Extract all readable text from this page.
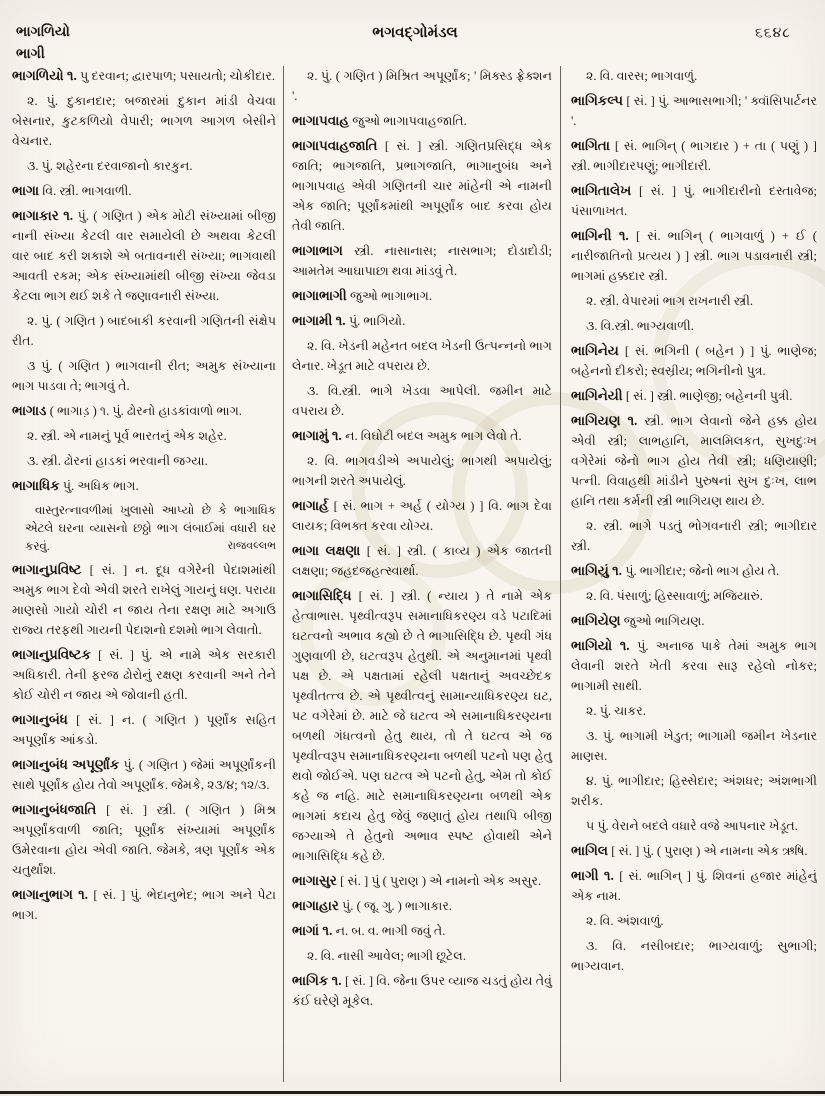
ભાગળિયો
ભાગી
ભગવદ્ગોમંડલ	૬૬૪૮

ભાગળિયો ૧. પુ દરવાન; દ્વારપાળ; પસાયતો; ચોકીદાર.

૨. પું. દુકાનદાર; બજારમાં દુકાન માંડી વેચવા બેસનાર, કુટકળિયો વેપારી; ભાગળ આગળ બેસીને વેચનાર.

૩. પું. શહેરના દરવાજાનો કારકુન.

ભાગા વિ. સ્ત્રી. ભાગવાળી.

ભાગાકાર ૧. પું. ( ગણિત ) એક મોટી સંખ્યામાં બીજી નાની સંખ્યા કેટલી વાર સમાયેલી છે અથવા કેટલી વાર બાદ કરી શકાશે એ બતાવનારી સંખ્યા; ભાગવાથી આવતી રકમ; એક સંખ્યામાંથી બીજી સંખ્યા જેવડા કેટલા ભાગ થઈ શકે તે જણાવનારી સંખ્યા.

૨. પું. ( ગણિત ) બાદબાકી કરવાની ગણિતની સંક્ષેપ રીત.

૩ પું. ( ગણિત ) ભાગવાની રીત; અમુક સંખ્યાના ભાગ પાડવા તે; ભાગવું તે.

ભાગાડ ( ભાગાડ઼ ) ૧. પું. ઢોરનો હાડકાંવાળો ભાગ.

૨. સ્ત્રી. એ નામનું પૂર્વ ભારતનું એક શહેર.

૩. સ્ત્રી. ઢોરનાં હાડકાં ભરવાની જગ્યા.

ભાગાધિક પું. અધિક ભાગ.

વાસ્તુરત્નાવળીમાં ખુલાસો આપ્યો છે કે ભાગાધિક એટલે ઘરના વ્યાસનો છઠ્ઠો ભાગ લંબાઈમાં વધારી ઘર કરવું.	રાજવલ્લભ

ભાગાનુપ્રવિષ્ટ [ સં. ] ન. દૂધ વગેરેની પેદાશમાંથી અમુક ભાગ દેવો એવી શરતે રાખેલું ગાયનું ધણ. પરાયા માણસો ગાયો ચોરી ન જાય તેના રક્ષણ માટે અગાઉ રાજ્ય તરફથી ગાયની પેદાશનો દશમો ભાગ લેવાતો.

ભાગાનુપ્રવિષ્ટક [ સં. ] પું. એ નામે એક સરકારી અધિકારી. તેની ફરજ ઢોરોનું રક્ષણ કરવાની અને તેને કોઈ ચોરી ન જાય એ જોવાની હતી.

ભાગાનુબંધ [ સં. ] ન. ( ગણિત ) પૂર્ણાંક સહિત અપૂર્ણાંક આંકડો.

ભાગાનુબંધ અપૂર્ણાંક પું. ( ગણિત ) જેમાં અપૂર્ણાંકની સાથે પૂર્ણાંક હોય તેવો અપૂર્ણાંક. જેમકે, ૨૩/૪; ૧૨/૩.

ભાગાનુબંધજાતિ [ સં. ] સ્ત્રી. ( ગણિત ) મિશ્ર અપૂર્ણાંકવાળી જાતિ; પૂર્ણાંક સંખ્યામાં અપૂર્ણાંક ઉમેરવાના હોય એવી જાતિ. જેમકે, ત્રણ પૂર્ણાંક એક ચતુર્થાંશ.

ભાગાનુભાગ ૧. [ સં. ] પું. ભેદાનુભેદ; ભાગ અને પેટા ભાગ.

૨. પું. ( ગણિત ) મિશ્રિત અપૂર્ણાંક; ' મિક્સ્ડ ફ્રેક્શન '.

ભાગાપવાહ જુઓ ભાગાપવાહજાતિ.

ભાગાપવાહજાતિ [ સં. ] સ્ત્રી. ગણિતપ્રસિદ્ધ એક જાતિ; ભાગજાતિ, પ્રભાગજાતિ, ભાગાનુબંધ અને ભાગાપવાહ એવી ગણિતની ચાર માંહેની એ નામની એક જાતિ; પૂર્ણાંકમાંથી અપૂર્ણાંક બાદ કરવા હોય તેવી જાતિ.

ભાગાભાગ સ્ત્રી. નાસાનાસ; નાસભાગ; દોડાદોડી; આમતેમ આઘાપાછા થવા માંડવું તે.

ભાગાભાગી જુઓ ભાગાભાગ.

ભાગામી ૧. પું. ભાગિયો.

૨. વિ. ખેડની મહેનત બદલ ખેડની ઉત્પન્નનો ભાગ લેનાર. ખેડૂત માટે વપરાય છે.

૩. વિ.સ્ત્રી. ભાગે ખેડવા આપેલી. જમીન માટે વપરાય છે.

ભાગામું ૧. ન. વિઘોટી બદલ અમુક ભાગ લેવો તે.

૨. વિ. ભાગવડીએ અપાયેલું; ભાગથી અપાયેલું; ભાગની શરતે અપાયેલું.

ભાગાર્હ [ સં. ભાગ + અર્હ ( યોગ્ય ) ] વિ. ભાગ દેવા લાયક; વિભક્ત કરવા યોગ્ય.

ભાગા લક્ષણા [ સં. ] સ્ત્રી. ( કાવ્ય ) એક જાતની લક્ષણા; જહદજહત્સ્વાર્થા.

ભાગાસિદ્ધિ [ સં. ] સ્ત્રી. ( ન્યાય ) તે નામે એક હેત્વાભાસ. પૃથ્વીત્વરૂપ સમાનાધિકરણ્ય વડે પટાદિમાં ઘટત્વનો અભાવ કહ્યો છે તે ભાગાસિદ્ધિ છે. પૃથ્વી ગંધ ગુણવાળી છે, ઘટત્વરૂપ હેતુથી. એ અનુમાનમાં પૃથ્વી પક્ષ છે. એ પક્ષતામાં રહેલી પક્ષતાનું અવચ્છેદક પૃથ્વીતત્ત્વ છે. એ પૃથ્વીત્વનું સામાન્યાધિકરણ્ય ઘટ, પટ વગેરેમાં છે. માટે જે ઘટત્વ એ સમાનાધિકરણ્યના બળથી ગંધત્વનો હેતુ થાય, તો તે ઘટત્વ એ જ પૃથ્વીત્વરૂપ સમાનાધિકરણ્યના બળથી પટનો પણ હેતુ થવો જોઈએ. પણ ઘટત્વ એ પટનો હેતુ, એમ તો કોઈ કહે જ નહિ. માટે સમાનાધિકરણ્યના બળથી એક ભાગમાં કદાચ હેતુ જેવું જણાતું હોય તથાપિ બીજી જગ્યાએ તે હેતુનો અભાવ સ્પષ્ટ હોવાથી એને ભાગાસિદ્ધિ કહે છે.

ભાગાસુર [ સં. ] પું ( પુરાણ ) એ નામનો એક અસુર.

ભાગાહાર પું. ( જૂ. ગુ. ) ભાગાકાર.

ભાગાં ૧. ન. બ. વ. ભાગી જવું તે.

૨. વિ. નાસી આવેલ; ભાગી છૂટેલ.

ભાગિક ૧. [ સં. ] વિ. જેના ઉપર વ્યાજ ચડતું હોય તેવું કંઈ ઘરેણે મૂકેલ.

૨. વિ. વારસ; ભાગવાળું.

ભાગિકલ્પ [ સં. ] પું. આભાસભાગી; ' ક્વૉસિપાર્ટનર '.

ભાગિતા [ સં. ભાગિન્ ( ભાગદાર ) + તા ( પણું ) ] સ્ત્રી. ભાગીદારપણું; ભાગીદારી.

ભાગિતાલેખ [ સં. ] પું. ભાગીદારીનો દસ્તાવેજ; પંસાળાખત.

ભાગિની ૧. [ સં. ભાગિન્ ( ભાગવાળું ) + ઈ ( નારીજાતિનો પ્રત્યય ) ] સ્ત્રી. ભાગ પડાવનારી સ્ત્રી; ભાગમાં હક્કદાર સ્ત્રી.

૨. સ્ત્રી. વેપારમાં ભાગ રાખનારી સ્ત્રી.

૩. વિ.સ્ત્રી. ભાગ્યવાળી.

ભાગિનેય [ સં. ભગિની ( બહેન ) ] પું. ભાણેજ; બહેનનો દીકરો; સ્વસ્રીય; ભગિનીનો પુત્ર.

ભાગિનેયી [ સં. ] સ્ત્રી. ભાણેજી; બહેનની પુત્રી.

ભાગિયણ ૧. સ્ત્રી. ભાગ લેવાનો જેને હક્ક હોય એવી સ્ત્રી; લાભહાનિ, માલમિલકત, સુખદુઃખ વગેરેમાં જેનો ભાગ હોય તેવી સ્ત્રી; ધણિયાણી; પત્ની. વિવાહથી માંડીને પુરુષનાં સુખ દુઃખ, લાભ હાનિ તથા કર્મની સ્ત્રી ભાગિયણ થાય છે.

૨. સ્ત્રી. ભાગે પડતું ભોગવનારી સ્ત્રી; ભાગીદાર સ્ત્રી.

ભાગિયું ૧. પું. ભાગીદાર; જેનો ભાગ હોય તે.

૨. વિ. પંસાળું; હિસ્સાવાળું; મજિયારું.

ભાગિયેણ જુઓ ભાગિયણ.

ભાગિયો ૧. પું. અનાજ પાકે તેમાં અમુક ભાગ લેવાની શરતે ખેતી કરવા સારૂ રહેલો નોકર; ભાગામી સાથી.

૨. પું. ચાકર.

૩. પું. ભાગામી ખેડુત; ભાગામી જમીન ખેડનાર માણસ.

૪. પું. ભાગીદાર; હિસ્સેદાર; અંશધર; અંશભાગી શરીક.

૫ પું. વેરાને બદલે વધારે વજે આપનાર ખેડૂત.

ભાગિલ [ સં. ] પું. ( પુરાણ ) એ નામના એક ઋષિ.

ભાગી ૧. [ સં. ભાગિન્ ] પું. શિવનાં હજાર માંહેનું એક નામ.

૨. વિ. અંશવાળું.

૩. વિ. નસીબદાર; ભાગ્યવાળું; સુભાગી; ભાગ્યવાન.
